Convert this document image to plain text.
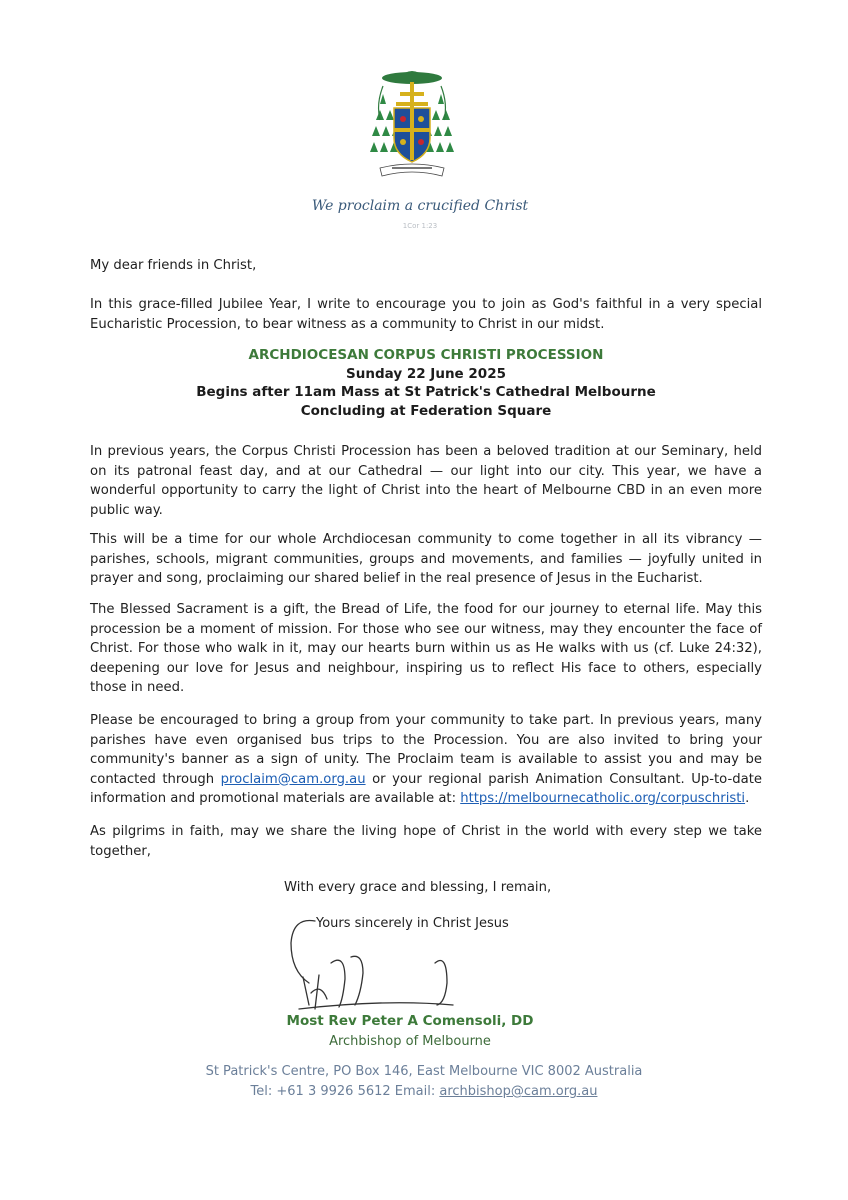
We proclaim a crucified Christ
1Cor 1:23

My dear friends in Christ,

In this grace-filled Jubilee Year, I write to encourage you to join as God's faithful in a very special Eucharistic Procession, to bear witness as a community to Christ in our midst.

ARCHDIOCESAN CORPUS CHRISTI PROCESSION
Sunday 22 June 2025
Begins after 11am Mass at St Patrick's Cathedral Melbourne
Concluding at Federation Square

In previous years, the Corpus Christi Procession has been a beloved tradition at our Seminary, held on its patronal feast day, and at our Cathedral — our light into our city. This year, we have a wonderful opportunity to carry the light of Christ into the heart of Melbourne CBD in an even more public way.

This will be a time for our whole Archdiocesan community to come together in all its vibrancy — parishes, schools, migrant communities, groups and movements, and families — joyfully united in prayer and song, proclaiming our shared belief in the real presence of Jesus in the Eucharist.

The Blessed Sacrament is a gift, the Bread of Life, the food for our journey to eternal life. May this procession be a moment of mission. For those who see our witness, may they encounter the face of Christ. For those who walk in it, may our hearts burn within us as He walks with us (cf. Luke 24:32), deepening our love for Jesus and neighbour, inspiring us to reflect His face to others, especially those in need.

Please be encouraged to bring a group from your community to take part. In previous years, many parishes have even organised bus trips to the Procession. You are also invited to bring your community's banner as a sign of unity. The Proclaim team is available to assist you and may be contacted through proclaim@cam.org.au or your regional parish Animation Consultant. Up-to-date information and promotional materials are available at: https://melbournecatholic.org/corpuschristi.

As pilgrims in faith, may we share the living hope of Christ in the world with every step we take together,

With every grace and blessing, I remain,
Yours sincerely in Christ Jesus
Most Rev Peter A Comensoli, DD
Archbishop of Melbourne
St Patrick's Centre, PO Box 146, East Melbourne VIC 8002 Australia
Tel: +61 3 9926 5612 Email: archbishop@cam.org.au
